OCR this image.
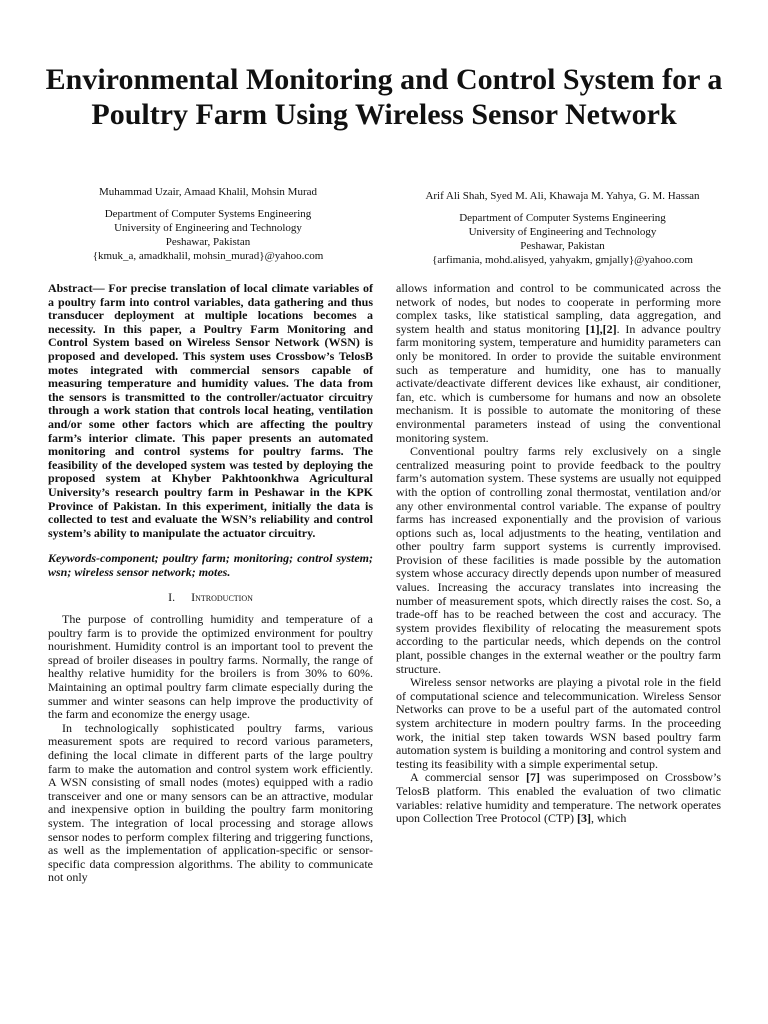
Environmental Monitoring and Control System for a Poultry Farm Using Wireless Sensor Network
Muhammad Uzair, Amaad Khalil, Mohsin Murad
Department of Computer Systems Engineering
University of Engineering and Technology
Peshawar, Pakistan
{kmuk_a, amadkhalil, mohsin_murad}@yahoo.com
Arif Ali Shah, Syed M. Ali, Khawaja M. Yahya, G. M. Hassan
Department of Computer Systems Engineering
University of Engineering and Technology
Peshawar, Pakistan
{arfimania, mohd.alisyed, yahyakm, gmjally}@yahoo.com

Abstract— For precise translation of local climate variables of a poultry farm into control variables, data gathering and thus transducer deployment at multiple locations becomes a necessity. In this paper, a Poultry Farm Monitoring and Control System based on Wireless Sensor Network (WSN) is proposed and developed. This system uses Crossbow’s TelosB motes integrated with commercial sensors capable of measuring temperature and humidity values. The data from the sensors is transmitted to the controller/actuator circuitry through a work station that controls local heating, ventilation and/or some other factors which are affecting the poultry farm’s interior climate. This paper presents an automated monitoring and control systems for poultry farms. The feasibility of the developed system was tested by deploying the proposed system at Khyber Pakhtoonkhwa Agricultural University’s research poultry farm in Peshawar in the KPK Province of Pakistan. In this experiment, initially the data is collected to test and evaluate the WSN’s reliability and control system’s ability to manipulate the actuator circuitry.

Keywords-component; poultry farm; monitoring; control system; wsn; wireless sensor network; motes.

I. Introduction

The purpose of controlling humidity and temperature of a poultry farm is to provide the optimized environment for poultry nourishment. Humidity control is an important tool to prevent the spread of broiler diseases in poultry farms. Normally, the range of healthy relative humidity for the broilers is from 30% to 60%. Maintaining an optimal poultry farm climate especially during the summer and winter seasons can help improve the productivity of the farm and economize the energy usage.

In technologically sophisticated poultry farms, various measurement spots are required to record various parameters, defining the local climate in different parts of the large poultry farm to make the automation and control system work efficiently. A WSN consisting of small nodes (motes) equipped with a radio transceiver and one or many sensors can be an attractive, modular and inexpensive option in building the poultry farm monitoring system. The integration of local processing and storage allows sensor nodes to perform complex filtering and triggering functions, as well as the implementation of application-specific or sensor-specific data compression algorithms. The ability to communicate not only

allows information and control to be communicated across the network of nodes, but nodes to cooperate in performing more complex tasks, like statistical sampling, data aggregation, and system health and status monitoring [1],[2]. In advance poultry farm monitoring system, temperature and humidity parameters can only be monitored. In order to provide the suitable environment such as temperature and humidity, one has to manually activate/deactivate different devices like exhaust, air conditioner, fan, etc. which is cumbersome for humans and now an obsolete mechanism. It is possible to automate the monitoring of these environmental parameters instead of using the conventional monitoring system.

Conventional poultry farms rely exclusively on a single centralized measuring point to provide feedback to the poultry farm’s automation system. These systems are usually not equipped with the option of controlling zonal thermostat, ventilation and/or any other environmental control variable. The expanse of poultry farms has increased exponentially and the provision of various options such as, local adjustments to the heating, ventilation and other poultry farm support systems is currently improvised. Provision of these facilities is made possible by the automation system whose accuracy directly depends upon number of measured values. Increasing the accuracy translates into increasing the number of measurement spots, which directly raises the cost. So, a trade-off has to be reached between the cost and accuracy. The system provides flexibility of relocating the measurement spots according to the particular needs, which depends on the control plant, possible changes in the external weather or the poultry farm structure.

Wireless sensor networks are playing a pivotal role in the field of computational science and telecommunication. Wireless Sensor Networks can prove to be a useful part of the automated control system architecture in modern poultry farms. In the proceeding work, the initial step taken towards WSN based poultry farm automation system is building a monitoring and control system and testing its feasibility with a simple experimental setup.

A commercial sensor [7] was superimposed on Crossbow’s TelosB platform. This enabled the evaluation of two climatic variables: relative humidity and temperature. The network operates upon Collection Tree Protocol (CTP) [3], which
